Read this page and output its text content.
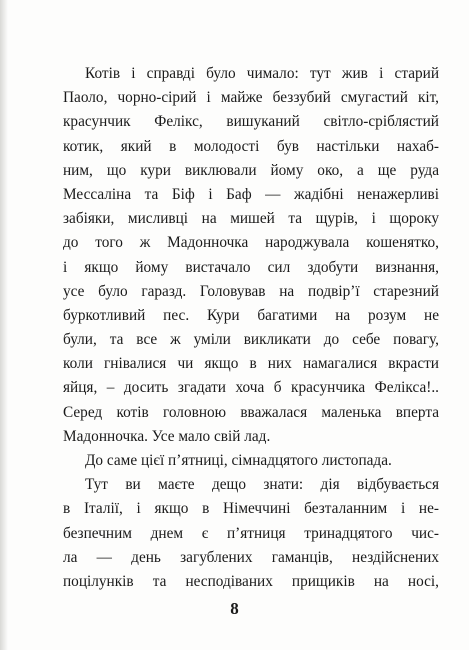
Котів і справді було чимало: тут жив і старий
Паоло, чорно-сірий і майже беззубий смугастий кіт,
красунчик Фелікс, вишуканий світло-сріблястий
котик, який в молодості був настільки нахаб-
ним, що кури виклювали йому око, а ще руда
Мессаліна та Біф і Баф — жадібні ненажерливі
забіяки, мисливці на мишей та щурів, і щороку
до того ж Мадонночка народжувала кошенятко,
і якщо йому вистачало сил здобути визнання,
усе було гаразд. Головував на подвір’ї старезний
буркотливий пес. Кури багатими на розум не
були, та все ж уміли викликати до себе повагу,
коли гнівалися чи якщо в них намагалися вкрасти
яйця, – досить згадати хоча б красунчика Фелікса!..
Серед котів головною вважалася маленька вперта
Мадонночка. Усе мало свій лад.
До саме цієї п’ятниці, сімнадцятого листопада.
Тут ви маєте дещо знати: дія відбувається
в Італії, і якщо в Німеччині безталанним і не-
безпечним днем є п’ятниця тринадцятого чис-
ла — день загублених гаманців, нездійснених
поцілунків та несподіваних прищиків на носі,
8
